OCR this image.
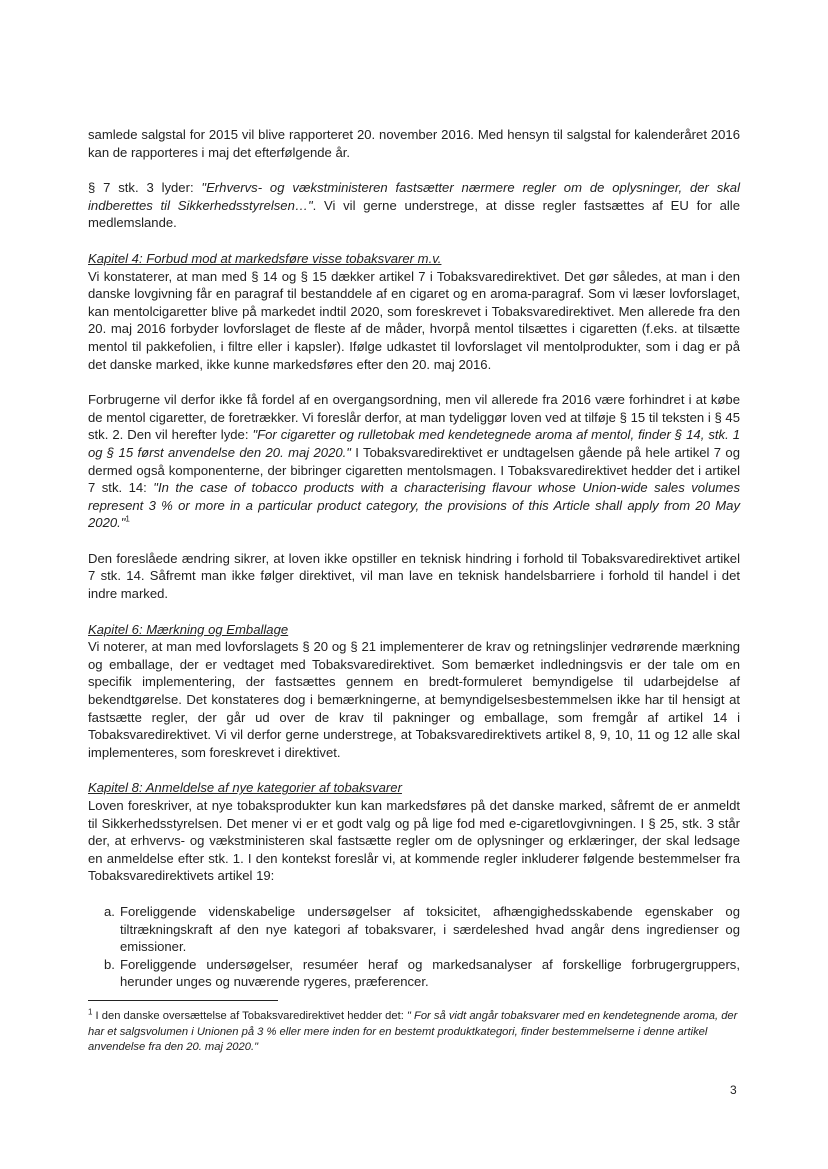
samlede salgstal for 2015 vil blive rapporteret 20. november 2016. Med hensyn til salgstal for kalenderåret 2016 kan de rapporteres i maj det efterfølgende år.

§ 7 stk. 3 lyder: "Erhvervs- og vækstministeren fastsætter nærmere regler om de oplysninger, der skal indberettes til Sikkerhedsstyrelsen…". Vi vil gerne understrege, at disse regler fastsættes af EU for alle medlemslande.

Kapitel 4: Forbud mod at markedsføre visse tobaksvarer m.v.

Vi konstaterer, at man med § 14 og § 15 dækker artikel 7 i Tobaksvaredirektivet. Det gør således, at man i den danske lovgivning får en paragraf til bestanddele af en cigaret og en aroma-paragraf. Som vi læser lovforslaget, kan mentolcigaretter blive på markedet indtil 2020, som foreskrevet i Tobaksvaredirektivet. Men allerede fra den 20. maj 2016 forbyder lovforslaget de fleste af de måder, hvorpå mentol tilsættes i cigaretten (f.eks. at tilsætte mentol til pakkefolien, i filtre eller i kapsler). Ifølge udkastet til lovforslaget vil mentolprodukter, som i dag er på det danske marked, ikke kunne markedsføres efter den 20. maj 2016.

Forbrugerne vil derfor ikke få fordel af en overgangsordning, men vil allerede fra 2016 være forhindret i at købe de mentol cigaretter, de foretrækker. Vi foreslår derfor, at man tydeliggør loven ved at tilføje § 15 til teksten i § 45 stk. 2. Den vil herefter lyde: "For cigaretter og rulletobak med kendetegnede aroma af mentol, finder § 14, stk. 1 og § 15 først anvendelse den 20. maj 2020." I Tobaksvaredirektivet er undtagelsen gående på hele artikel 7 og dermed også komponenterne, der bibringer cigaretten mentolsmagen. I Tobaksvaredirektivet hedder det i artikel 7 stk. 14: "In the case of tobacco products with a characterising flavour whose Union-wide sales volumes represent 3 % or more in a particular product category, the provisions of this Article shall apply from 20 May 2020."$^1$

Den foreslåede ændring sikrer, at loven ikke opstiller en teknisk hindring i forhold til Tobaksvaredirektivet artikel 7 stk. 14. Såfremt man ikke følger direktivet, vil man lave en teknisk handelsbarriere i forhold til handel i det indre marked.

Kapitel 6: Mærkning og Emballage

Vi noterer, at man med lovforslagets § 20 og § 21 implementerer de krav og retningslinjer vedrørende mærkning og emballage, der er vedtaget med Tobaksvaredirektivet. Som bemærket indledningsvis er der tale om en specifik implementering, der fastsættes gennem en bredt-formuleret bemyndigelse til udarbejdelse af bekendtgørelse. Det konstateres dog i bemærkningerne, at bemyndigelsesbestemmelsen ikke har til hensigt at fastsætte regler, der går ud over de krav til pakninger og emballage, som fremgår af artikel 14 i Tobaksvaredirektivet. Vi vil derfor gerne understrege, at Tobaksvaredirektivets artikel 8, 9, 10, 11 og 12 alle skal implementeres, som foreskrevet i direktivet.

Kapitel 8: Anmeldelse af nye kategorier af tobaksvarer

Loven foreskriver, at nye tobaksprodukter kun kan markedsføres på det danske marked, såfremt de er anmeldt til Sikkerhedsstyrelsen. Det mener vi er et godt valg og på lige fod med e-cigaretlovgivningen. I § 25, stk. 3 står der, at erhvervs- og vækstministeren skal fastsætte regler om de oplysninger og erklæringer, der skal ledsage en anmeldelse efter stk. 1. I den kontekst foreslår vi, at kommende regler inkluderer følgende bestemmelser fra Tobaksvaredirektivets artikel 19:

a. Foreliggende videnskabelige undersøgelser af toksicitet, afhængighedsskabende egenskaber og tiltrækningskraft af den nye kategori af tobaksvarer, i særdeleshed hvad angår dens ingredienser og emissioner.
b. Foreliggende undersøgelser, resuméer heraf og markedsanalyser af forskellige forbrugergruppers, herunder unges og nuværende rygeres, præferencer.

$^1$ I den danske oversættelse af Tobaksvaredirektivet hedder det: " For så vidt angår tobaksvarer med en kendetegnende aroma, der har et salgsvolumen i Unionen på 3 % eller mere inden for en bestemt produktkategori, finder bestemmelserne i denne artikel anvendelse fra den 20. maj 2020."

3
